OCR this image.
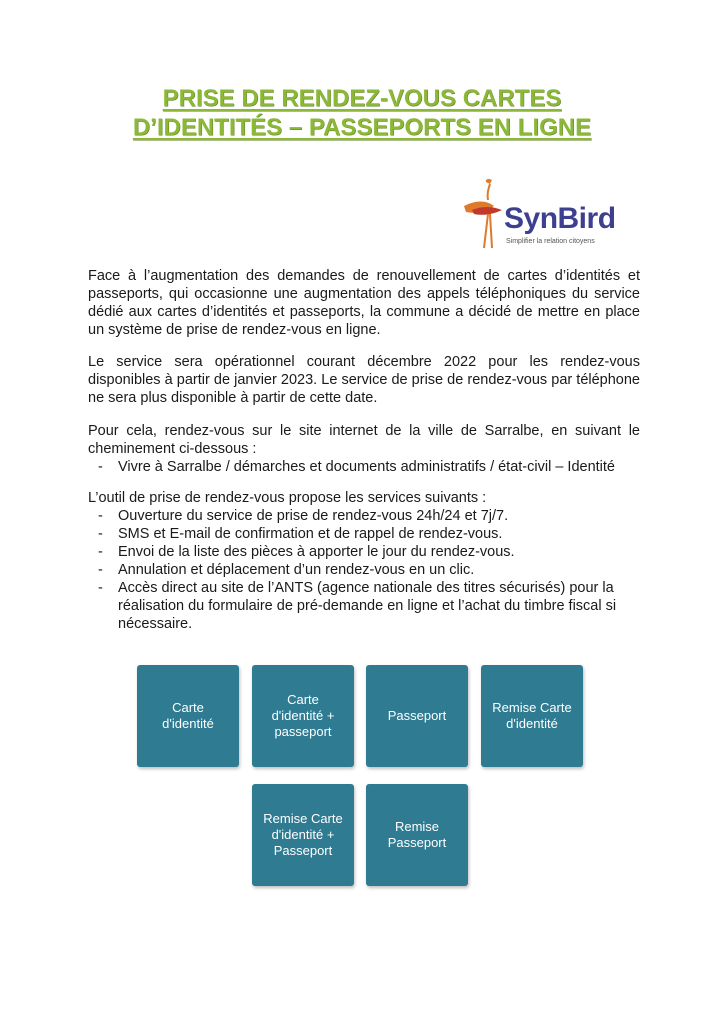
PRISE DE RENDEZ-VOUS CARTES
D’IDENTITÉS – PASSEPORTS EN LIGNE
SynBird
Simplifier la relation citoyens
Face à l’augmentation des demandes de renouvellement de cartes d’identités et passeports, qui occasionne une augmentation des appels téléphoniques du service dédié aux cartes d’identités et passeports, la commune a décidé de mettre en place un système de prise de rendez-vous en ligne.
Le service sera opérationnel courant décembre 2022 pour les rendez-vous disponibles à partir de janvier 2023. Le service de prise de rendez-vous par téléphone ne sera plus disponible à partir de cette date.
Pour cela, rendez-vous sur le site internet de la ville de Sarralbe, en suivant le cheminement ci-dessous :
- Vivre à Sarralbe / démarches et documents administratifs / état-civil – Identité
L’outil de prise de rendez-vous propose les services suivants :
- Ouverture du service de prise de rendez-vous 24h/24 et 7j/7.
- SMS et E-mail de confirmation et de rappel de rendez-vous.
- Envoi de la liste des pièces à apporter le jour du rendez-vous.
- Annulation et déplacement d’un rendez-vous en un clic.
- Accès direct au site de l’ANTS (agence nationale des titres sécurisés) pour la réalisation du formulaire de pré-demande en ligne et l’achat du timbre fiscal si nécessaire.
Carte d'identité
Carte d'identité + passeport
Passeport
Remise Carte d'identité
Remise Carte d'identité + Passeport
Remise Passeport
